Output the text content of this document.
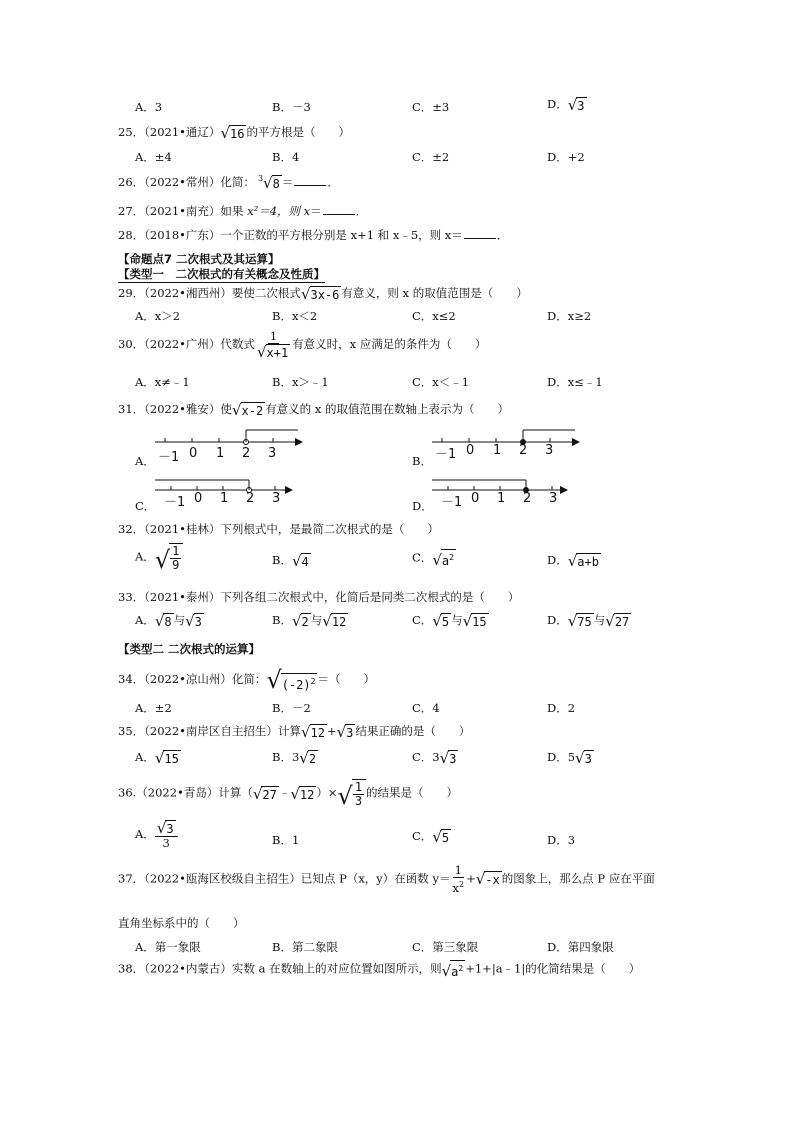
A．3	B．－3	C．±3	D． √ 3
25．（2021•通辽） √ 16 的平方根是（　　）
A．±4	B．4	C．±2	D．+2
26．（2022•常州）化简： $^3$ √ 8 ＝	．
27．（2021•南充）如果 x²＝4，则 x＝	．
28．（2018•广东）一个正数的平方根分别是 x+1 和 x﹣5，则 x＝	．
【命题点7 二次根式及其运算】
【类型一　二次根式的有关概念及性质】
29．（2022•湘西州）要使二次根式 √ 3x-6 有意义，则 x 的取值范围是（　　）
A．x＞2	B．x＜2	C．x≤2	D．x≥2
30．（2022•广州）代数式 $\frac{1}{√ x+1}$ 有意义时，x 应满足的条件为（　　）
A．x≠﹣1	B．x＞﹣1	C．x＜﹣1	D．x≤﹣1
31．（2022•雅安）使 √ x-2 有意义的 x 的取值范围在数轴上表示为（　　）
A． －1 0 1 2 3	B． －1 0 1 2 3
C． －1 0 1 2 3	D． －1 0 1 2 3
32．（2021•桂林）下列根式中，是最简二次根式的是（　　）
A． √ $\frac{1}{9}$	B． √ 4	C． √ $a^2$	D． √ a+b
33．（2021•泰州）下列各组二次根式中，化简后是同类二次根式的是（　　）
A． √ 8 与 √ 3	B． √ 2 与 √ 12	C． √ 5 与 √ 15	D． √ 75 与 √ 27
【类型二 二次根式的运算】
34．（2022•凉山州）化简： √ $(-2)^2$ ＝（　　）
A．±2	B．－2	C．4	D．2
35．（2022•南岸区自主招生）计算 √ 12 + √ 3 结果正确的是（　　）
A． √ 15	B．3 √ 2	C．3 √ 3	D．5 √ 3
36.（2022•青岛）计算（ √ 27 ﹣ √ 12 ）× √ $\frac{1}{3}$ 的结果是（　　）
A． $\frac{√ 3}{3}$	B．1	C． √ 5	D．3
37．（2022•瓯海区校级自主招生）已知点 P（x，y）在函数 $y= \frac{1}{x^2}$ + √ -x 的图象上，那么点 P 应在平面
直角坐标系中的（　　）
A．第一象限	B．第二象限	C．第三象限	D．第四象限
38．（2022•内蒙古）实数 a 在数轴上的对应位置如图所示，则 √ $a^2$ +1+|a﹣1|的化简结果是（　　）
